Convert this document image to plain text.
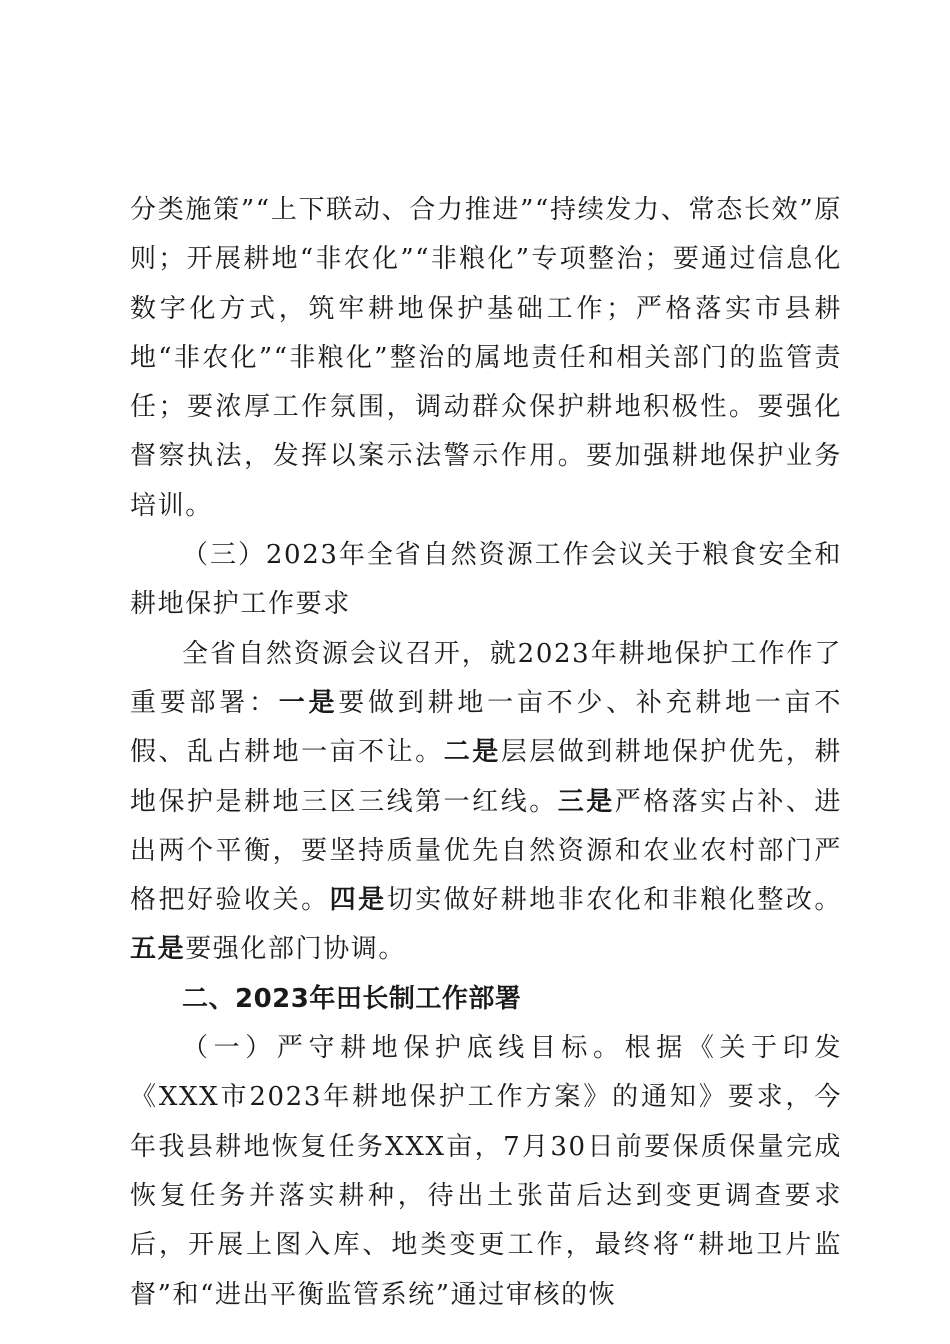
分类施策”“上下联动、合力推进”“持续发力、常态长效”原则；开展耕地“非农化”“非粮化”专项整治；要通过信息化数字化方式，筑牢耕地保护基础工作；严格落实市县耕地“非农化”“非粮化”整治的属地责任和相关部门的监管责任；要浓厚工作氛围，调动群众保护耕地积极性。要强化督察执法，发挥以案示法警示作用。要加强耕地保护业务培训。

（三）2023年全省自然资源工作会议关于粮食安全和耕地保护工作要求

全省自然资源会议召开，就2023年耕地保护工作作了重要部署：一是要做到耕地一亩不少、补充耕地一亩不假、乱占耕地一亩不让。二是层层做到耕地保护优先，耕地保护是耕地三区三线第一红线。三是严格落实占补、进出两个平衡，要坚持质量优先自然资源和农业农村部门严格把好验收关。四是切实做好耕地非农化和非粮化整改。五是要强化部门协调。

二、2023年田长制工作部署

（一）严守耕地保护底线目标。根据《关于印发《XXX市2023年耕地保护工作方案》的通知》要求，今年我县耕地恢复任务XXX亩，7月30日前要保质保量完成恢复任务并落实耕种，待出土张苗后达到变更调查要求后，开展上图入库、地类变更工作，最终将“耕地卫片监督”和“进出平衡监管系统”通过审核的恢
